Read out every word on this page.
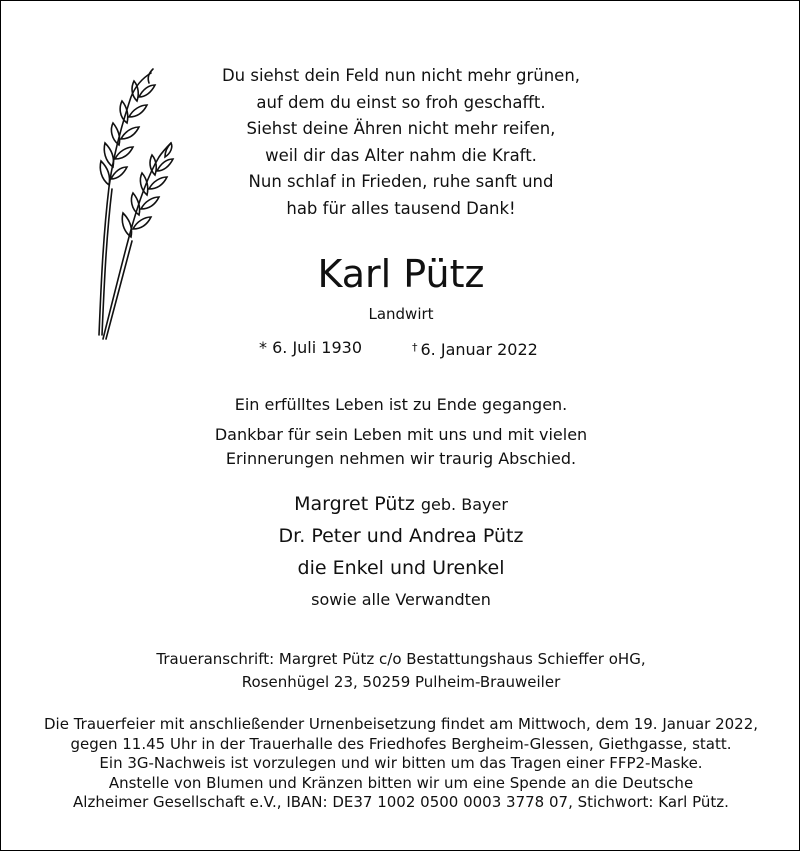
Du siehst dein Feld nun nicht mehr grünen,
auf dem du einst so froh geschafft.
Siehst deine Ähren nicht mehr reifen,
weil dir das Alter nahm die Kraft.
Nun schlaf in Frieden, ruhe sanft und
hab für alles tausend Dank!
Karl Pütz
Landwirt
* 6. Juli 1930	† 6. Januar 2022
Ein erfülltes Leben ist zu Ende gegangen.
Dankbar für sein Leben mit uns und mit vielen
Erinnerungen nehmen wir traurig Abschied.
Margret Pütz geb. Bayer
Dr. Peter und Andrea Pütz
die Enkel und Urenkel
sowie alle Verwandten
Traueranschrift: Margret Pütz c/o Bestattungshaus Schieffer oHG,
Rosenhügel 23, 50259 Pulheim-Brauweiler
Die Trauerfeier mit anschließender Urnenbeisetzung findet am Mittwoch, dem 19. Januar 2022,
gegen 11.45 Uhr in der Trauerhalle des Friedhofes Bergheim-Glessen, Giethgasse, statt.
Ein 3G-Nachweis ist vorzulegen und wir bitten um das Tragen einer FFP2-Maske.
Anstelle von Blumen und Kränzen bitten wir um eine Spende an die Deutsche
Alzheimer Gesellschaft e.V., IBAN: DE37 1002 0500 0003 3778 07, Stichwort: Karl Pütz.
